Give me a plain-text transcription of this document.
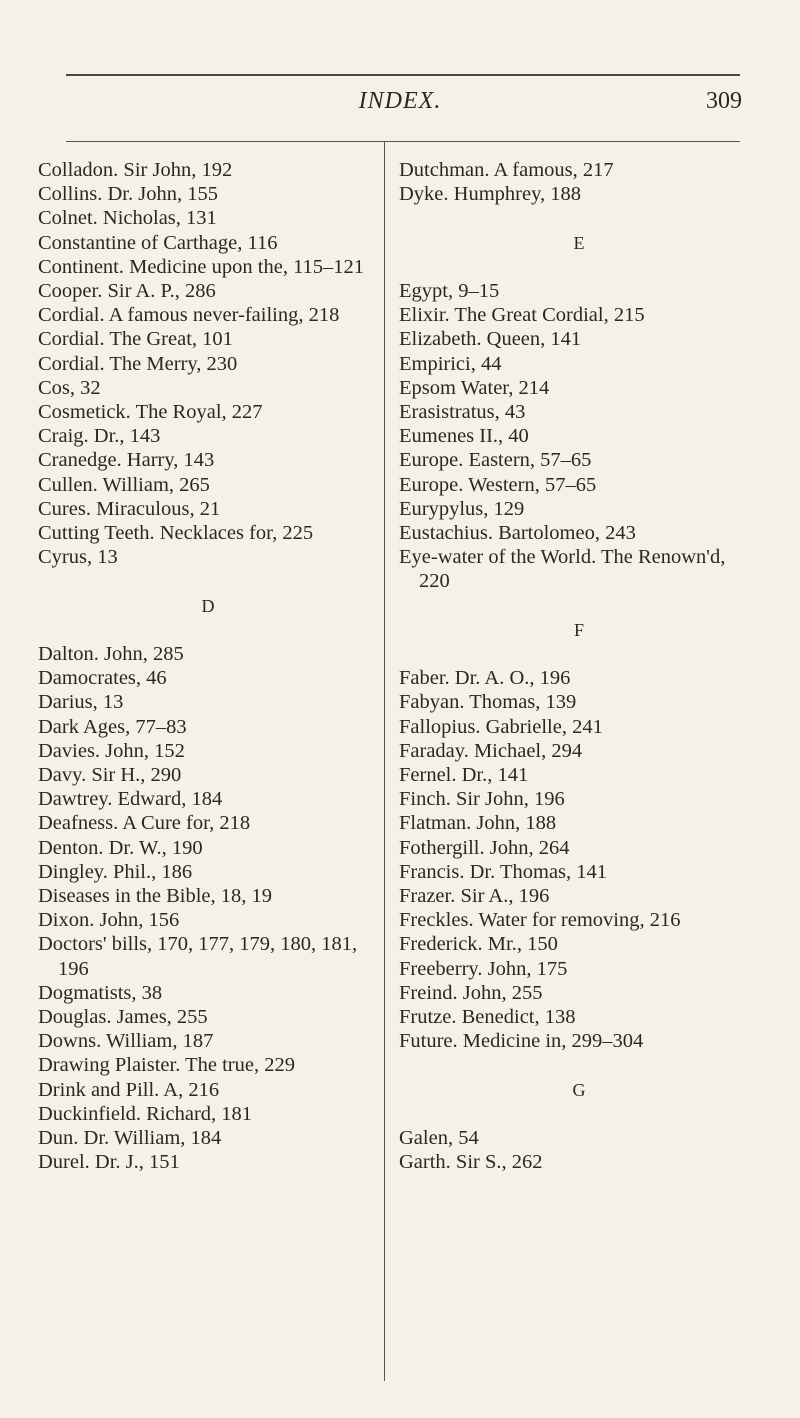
INDEX.	309
Colladon. Sir John, 192
Collins. Dr. John, 155
Colnet. Nicholas, 131
Constantine of Carthage, 116
Continent. Medicine upon the, 115–121
Cooper. Sir A. P., 286
Cordial. A famous never-failing, 218
Cordial. The Great, 101
Cordial. The Merry, 230
Cos, 32
Cosmetick. The Royal, 227
Craig. Dr., 143
Cranedge. Harry, 143
Cullen. William, 265
Cures. Miraculous, 21
Cutting Teeth. Necklaces for, 225
Cyrus, 13
D
Dalton. John, 285
Damocrates, 46
Darius, 13
Dark Ages, 77–83
Davies. John, 152
Davy. Sir H., 290
Dawtrey. Edward, 184
Deafness. A Cure for, 218
Denton. Dr. W., 190
Dingley. Phil., 186
Diseases in the Bible, 18, 19
Dixon. John, 156
Doctors' bills, 170, 177, 179, 180, 181, 196
Dogmatists, 38
Douglas. James, 255
Downs. William, 187
Drawing Plaister. The true, 229
Drink and Pill. A, 216
Duckinfield. Richard, 181
Dun. Dr. William, 184
Durel. Dr. J., 151
Dutchman. A famous, 217
Dyke. Humphrey, 188
E
Egypt, 9–15
Elixir. The Great Cordial, 215
Elizabeth. Queen, 141
Empirici, 44
Epsom Water, 214
Erasistratus, 43
Eumenes II., 40
Europe. Eastern, 57–65
Europe. Western, 57–65
Eurypylus, 129
Eustachius. Bartolomeo, 243
Eye-water of the World. The Renown'd, 220
F
Faber. Dr. A. O., 196
Fabyan. Thomas, 139
Fallopius. Gabrielle, 241
Faraday. Michael, 294
Fernel. Dr., 141
Finch. Sir John, 196
Flatman. John, 188
Fothergill. John, 264
Francis. Dr. Thomas, 141
Frazer. Sir A., 196
Freckles. Water for removing, 216
Frederick. Mr., 150
Freeberry. John, 175
Freind. John, 255
Frutze. Benedict, 138
Future. Medicine in, 299–304
G
Galen, 54
Garth. Sir S., 262
